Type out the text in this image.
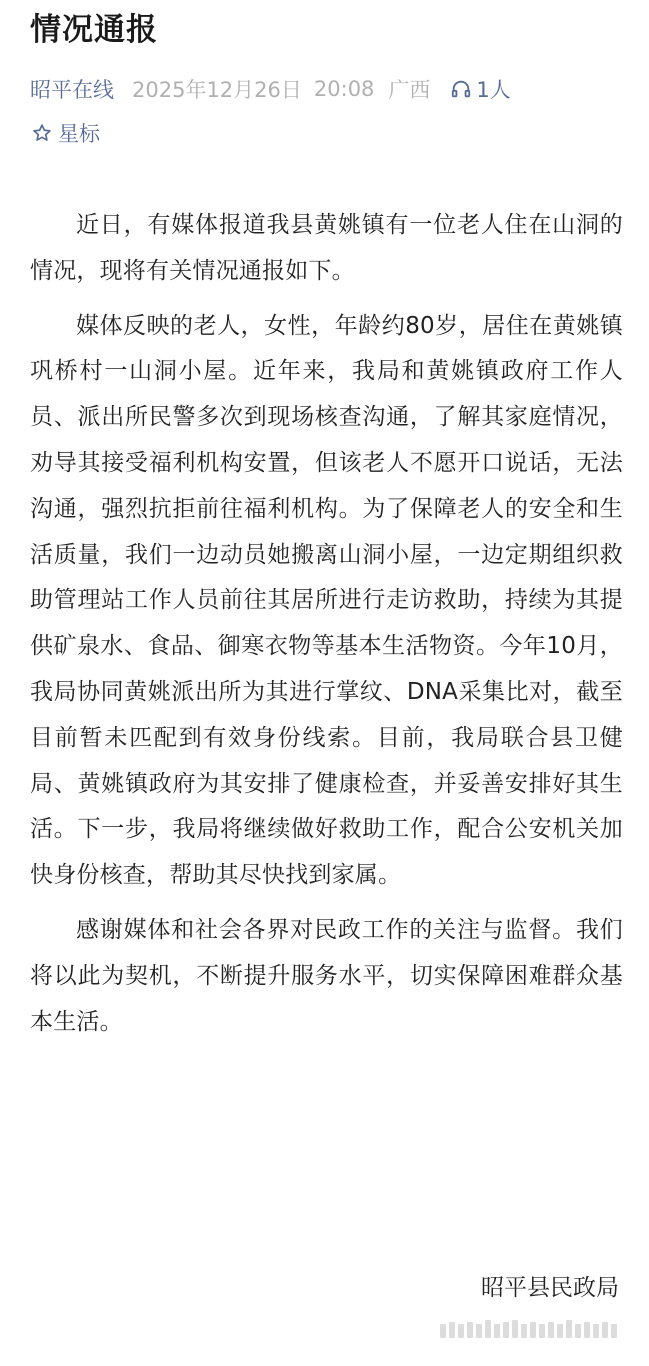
情况通报
昭平在线 2025年12月26日 20:08 广西 1人
星标

近日，有媒体报道我县黄姚镇有一位老人住在山洞的情况，现将有关情况通报如下。

媒体反映的老人，女性，年龄约80岁，居住在黄姚镇巩桥村一山洞小屋。近年来，我局和黄姚镇政府工作人员、派出所民警多次到现场核查沟通，了解其家庭情况，劝导其接受福利机构安置，但该老人不愿开口说话，无法沟通，强烈抗拒前往福利机构。为了保障老人的安全和生活质量，我们一边动员她搬离山洞小屋，一边定期组织救助管理站工作人员前往其居所进行走访救助，持续为其提供矿泉水、食品、御寒衣物等基本生活物资。今年10月，我局协同黄姚派出所为其进行掌纹、DNA采集比对，截至目前暂未匹配到有效身份线索。目前，我局联合县卫健局、黄姚镇政府为其安排了健康检查，并妥善安排好其生活。下一步，我局将继续做好救助工作，配合公安机关加快身份核查，帮助其尽快找到家属。

感谢媒体和社会各界对民政工作的关注与监督。我们将以此为契机，不断提升服务水平，切实保障困难群众基本生活。

昭平县民政局
